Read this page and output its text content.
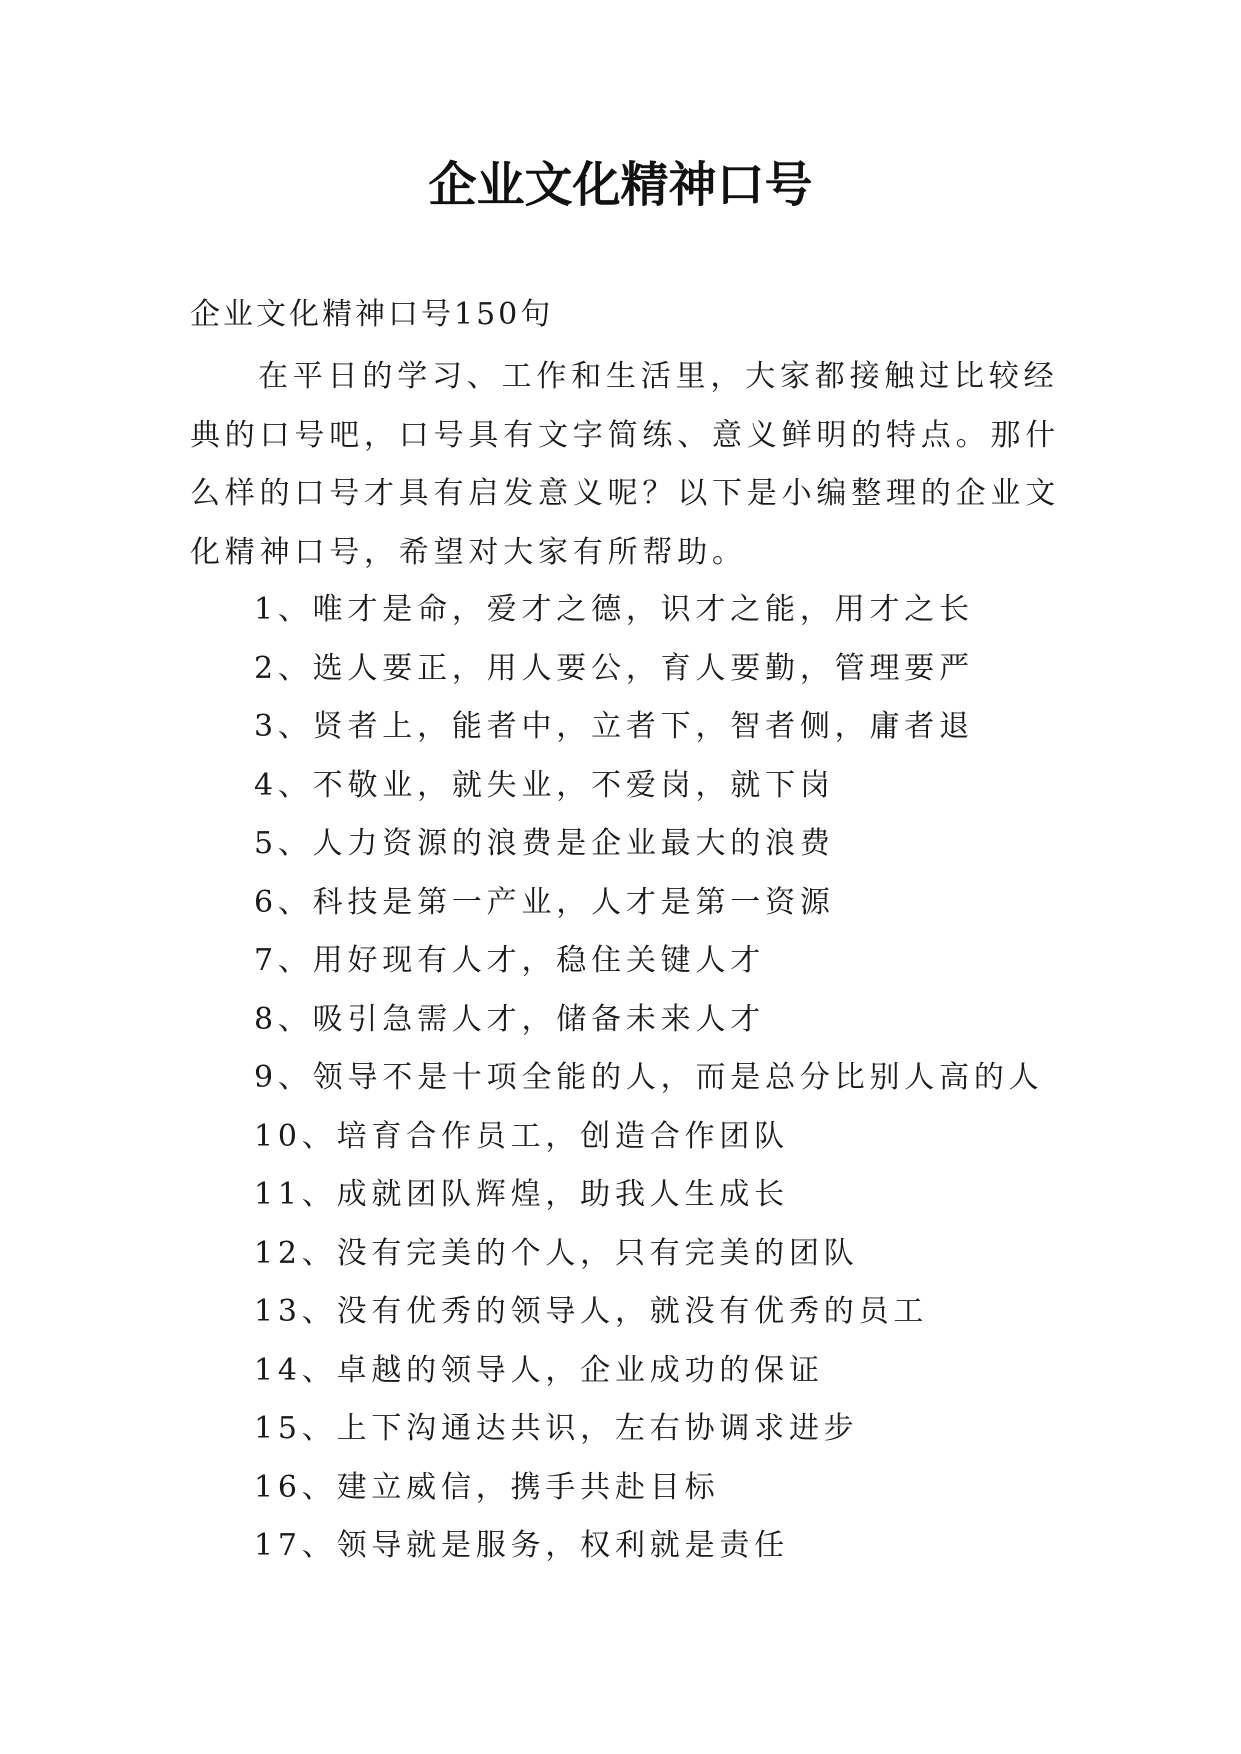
企业文化精神口号
企业文化精神口号150句

在平日的学习、工作和生活里，大家都接触过比较经典的口号吧，口号具有文字简练、意义鲜明的特点。那什么样的口号才具有启发意义呢？以下是小编整理的企业文化精神口号，希望对大家有所帮助。

1、唯才是命，爱才之德，识才之能，用才之长
2、选人要正，用人要公，育人要勤，管理要严
3、贤者上，能者中，立者下，智者侧，庸者退
4、不敬业，就失业，不爱岗，就下岗
5、人力资源的浪费是企业最大的浪费
6、科技是第一产业，人才是第一资源
7、用好现有人才，稳住关键人才
8、吸引急需人才，储备未来人才
9、领导不是十项全能的人，而是总分比别人高的人
10、培育合作员工，创造合作团队
11、成就团队辉煌，助我人生成长
12、没有完美的个人，只有完美的团队
13、没有优秀的领导人，就没有优秀的员工
14、卓越的领导人，企业成功的保证
15、上下沟通达共识，左右协调求进步
16、建立威信，携手共赴目标
17、领导就是服务，权利就是责任
